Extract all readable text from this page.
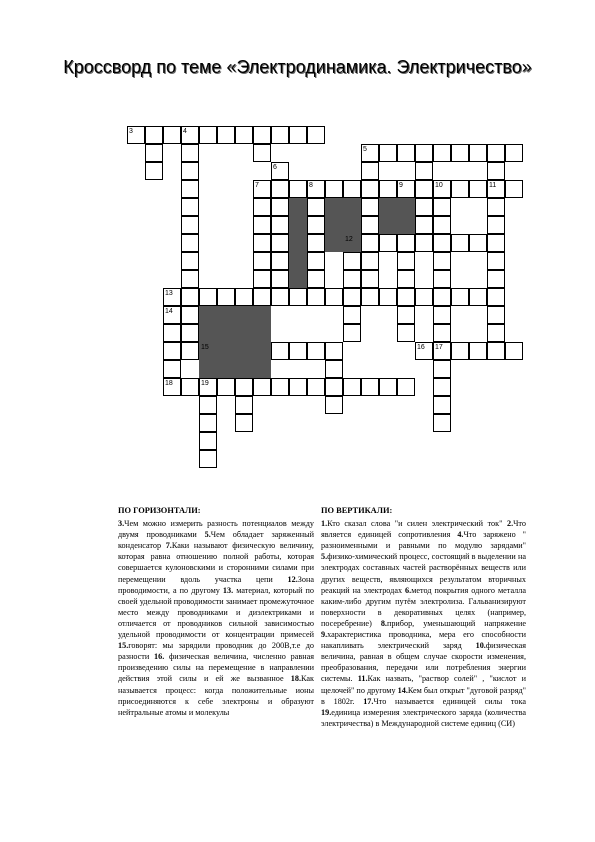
Кроссворд по теме «Электродинамика. Электричество»
3	4
5
6
7	8	9	10	11
12
13
14
15	16 17
18	19
ПО ГОРИЗОНТАЛИ:

3.Чем можно измерить разность потенциалов между двумя проводниками 5.Чем обладает заряженный конденсатор 7.Каки называют физическую величину, которая равна отношению полной работы, которая совершается кулоновскими и сторонними силами при перемещении вдоль участка цепи 12.Зона проводимости, а по другому 13. материал, который по своей удельной проводимости занимает промежуточное место между проводниками и диэлектриками и отличается от проводников сильной зависимостью удельной проводимости от концентрации примесей 15.говорят: мы зарядили проводник до 200В,т.е до разности 16. физическая величина, численно равная произведению силы на перемещение в направлении действия этой силы и ей же вызванное 18.Как называется процесс: когда положительные ионы присоединяются к себе электроны и образуют нейтральные атомы и молекулы

ПО ВЕРТИКАЛИ:

1.Кто сказал слова "и силен электрический ток" 2.Что является единицей сопротивления 4.Что заряжено " разноименными и равными по модулю зарядами" 5.физико-химический процесс, состоящий в выделении на электродах составных частей растворённых веществ или других веществ, являющихся результатом вторичных реакций на электродах 6.метод покрытия одного металла каким-либо другим путём электролиза. Гальванизируют поверхности в декоративных целях (например, посеребрение) 8.прибор, уменьшающий напряжение 9.характеристика проводника, мера его способности накапливать электрический заряд 10.физическая величина, равная в общем случае скорости изменения, преобразования, передачи или потребления энергии системы. 11.Как назвать, "раствор солей" , "кислот и щелочей" по другому 14.Кем был открыт "дуговой разряд" в 1802г. 17.Что называется единицей силы тока 19.единица измерения электрического заряда (количества электричества) в Международной системе единиц (СИ)
